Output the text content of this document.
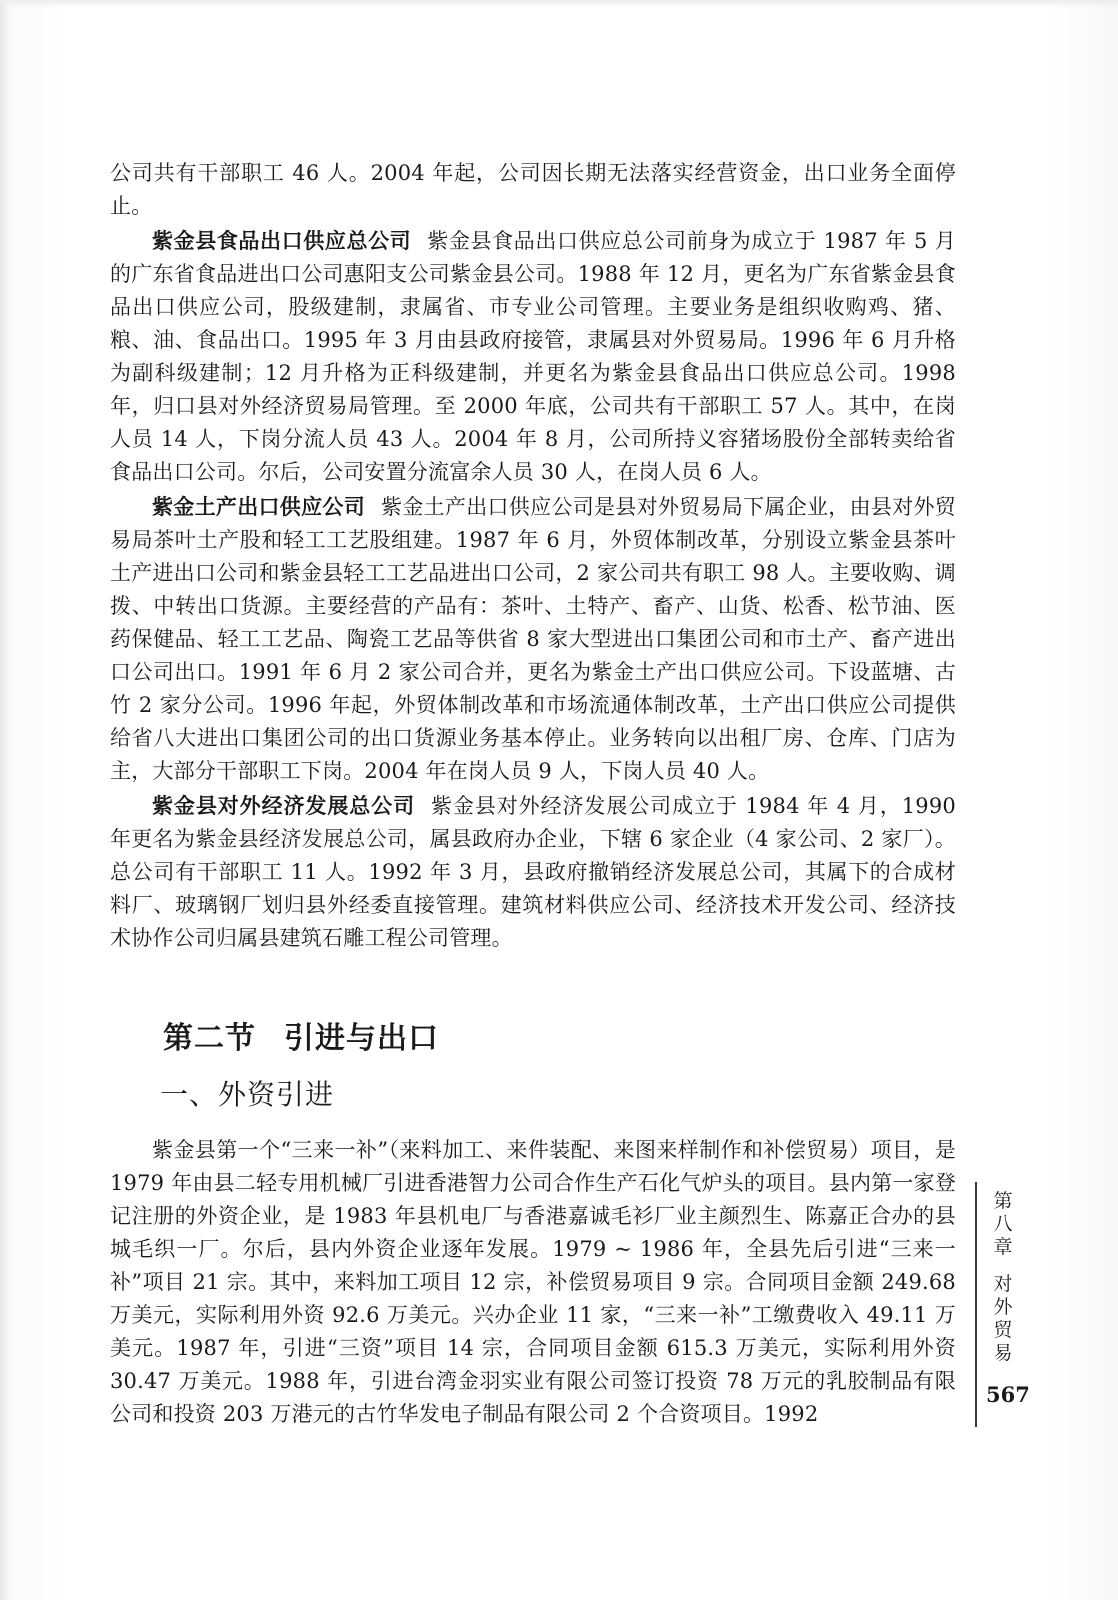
公司共有干部职工 46 人。2004 年起，公司因长期无法落实经营资金，出口业务全面停止。

紫金县食品出口供应总公司 紫金县食品出口供应总公司前身为成立于 1987 年 5 月的广东省食品进出口公司惠阳支公司紫金县公司。1988 年 12 月，更名为广东省紫金县食品出口供应公司，股级建制，隶属省、市专业公司管理。主要业务是组织收购鸡、猪、粮、油、食品出口。1995 年 3 月由县政府接管，隶属县对外贸易局。1996 年 6 月升格为副科级建制；12 月升格为正科级建制，并更名为紫金县食品出口供应总公司。1998 年，归口县对外经济贸易局管理。至 2000 年底，公司共有干部职工 57 人。其中，在岗人员 14 人，下岗分流人员 43 人。2004 年 8 月，公司所持义容猪场股份全部转卖给省食品出口公司。尔后，公司安置分流富余人员 30 人，在岗人员 6 人。

紫金土产出口供应公司 紫金土产出口供应公司是县对外贸易局下属企业，由县对外贸易局茶叶土产股和轻工工艺股组建。1987 年 6 月，外贸体制改革，分别设立紫金县茶叶土产进出口公司和紫金县轻工工艺品进出口公司，2 家公司共有职工 98 人。主要收购、调拨、中转出口货源。主要经营的产品有：茶叶、土特产、畜产、山货、松香、松节油、医药保健品、轻工工艺品、陶瓷工艺品等供省 8 家大型进出口集团公司和市土产、畜产进出口公司出口。1991 年 6 月 2 家公司合并，更名为紫金土产出口供应公司。下设蓝塘、古竹 2 家分公司。1996 年起，外贸体制改革和市场流通体制改革，土产出口供应公司提供给省八大进出口集团公司的出口货源业务基本停止。业务转向以出租厂房、仓库、门店为主，大部分干部职工下岗。2004 年在岗人员 9 人，下岗人员 40 人。

紫金县对外经济发展总公司 紫金县对外经济发展公司成立于 1984 年 4 月，1990 年更名为紫金县经济发展总公司，属县政府办企业，下辖 6 家企业（4 家公司、2 家厂）。总公司有干部职工 11 人。1992 年 3 月，县政府撤销经济发展总公司，其属下的合成材料厂、玻璃钢厂划归县外经委直接管理。建筑材料供应公司、经济技术开发公司、经济技术协作公司归属县建筑石雕工程公司管理。

第二节 引进与出口
一、外资引进

紫金县第一个“三来一补”（来料加工、来件装配、来图来样制作和补偿贸易）项目，是 1979 年由县二轻专用机械厂引进香港智力公司合作生产石化气炉头的项目。县内第一家登记注册的外资企业，是 1983 年县机电厂与香港嘉诚毛衫厂业主颜烈生、陈嘉正合办的县城毛织一厂。尔后，县内外资企业逐年发展。1979 ~ 1986 年，全县先后引进“三来一补”项目 21 宗。其中，来料加工项目 12 宗，补偿贸易项目 9 宗。合同项目金额 249.68 万美元，实际利用外资 92.6 万美元。兴办企业 11 家，“三来一补”工缴费收入 49.11 万美元。1987 年，引进“三资”项目 14 宗，合同项目金额 615.3 万美元，实际利用外资 30.47 万美元。1988 年，引进台湾金羽实业有限公司签订投资 78 万元的乳胶制品有限公司和投资 203 万港元的古竹华发电子制品有限公司 2 个合资项目。1992

第八章
对外贸易
567
